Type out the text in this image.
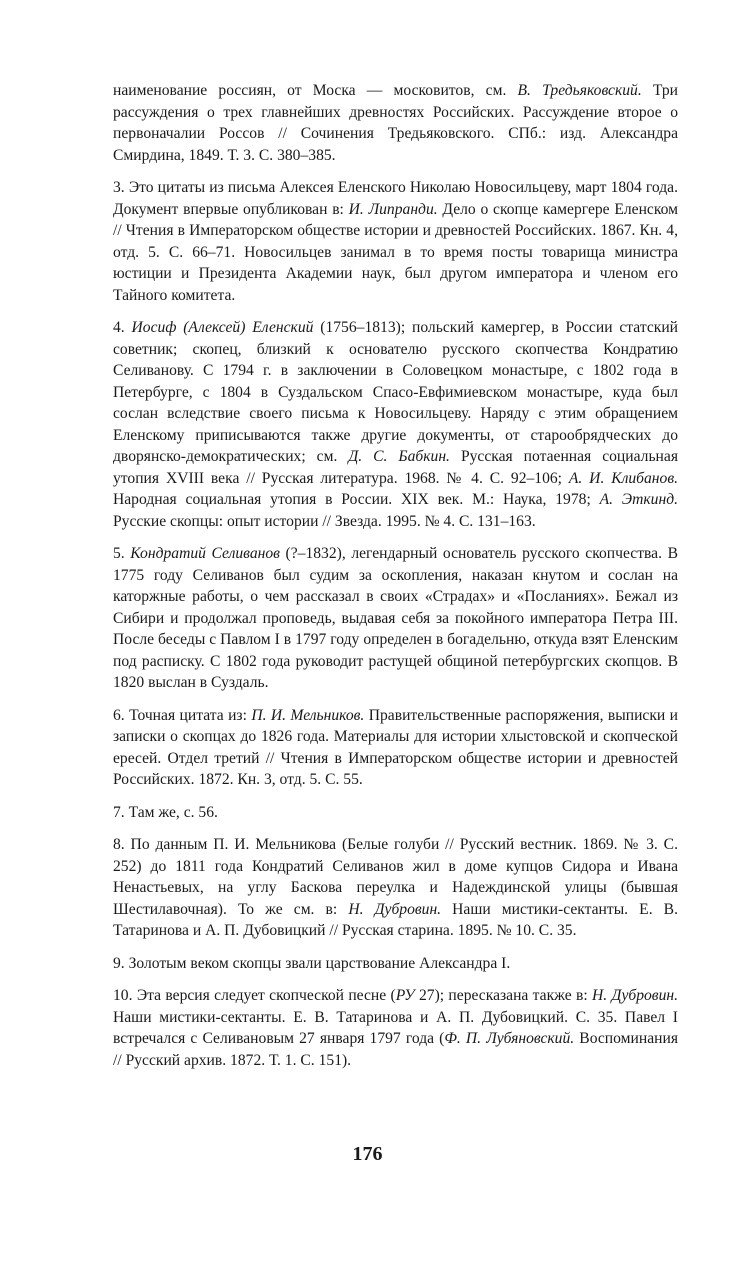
наименование россиян, от Моска — московитов, см. В. Тредьяковский. Три рассуждения о трех главнейших древностях Российских. Рассуждение второе о первоначалии Россов // Сочинения Тредьяковского. СПб.: изд. Александра Смирдина, 1849. Т. 3. С. 380–385.

3. Это цитаты из письма Алексея Еленского Николаю Новосильцеву, март 1804 года. Документ впервые опубликован в: И. Липранди. Дело о скопце камергере Еленском // Чтения в Императорском обществе истории и древностей Российских. 1867. Кн. 4, отд. 5. С. 66–71. Новосильцев занимал в то время посты товарища министра юстиции и Президента Академии наук, был другом императора и членом его Тайного комитета.

4. Иосиф (Алексей) Еленский (1756–1813); польский камергер, в России статский советник; скопец, близкий к основателю русского скопчества Кондратию Селиванову. С 1794 г. в заключении в Соловецком монастыре, с 1802 года в Петербурге, с 1804 в Суздальском Спасо-Евфимиевском монастыре, куда был сослан вследствие своего письма к Новосильцеву. Наряду с этим обращением Еленскому приписываются также другие документы, от старообрядческих до дворянско-демократических; см. Д. С. Бабкин. Русская потаенная социальная утопия XVIII века // Русская литература. 1968. № 4. С. 92–106; А. И. Клибанов. Народная социальная утопия в России. XIX век. М.: Наука, 1978; А. Эткинд. Русские скопцы: опыт истории // Звезда. 1995. № 4. С. 131–163.

5. Кондратий Селиванов (?–1832), легендарный основатель русского скопчества. В 1775 году Селиванов был судим за оскопления, наказан кнутом и сослан на каторжные работы, о чем рассказал в своих «Страдах» и «Посланиях». Бежал из Сибири и продолжал проповедь, выдавая себя за покойного императора Петра III. После беседы с Павлом I в 1797 году определен в богадельню, откуда взят Еленским под расписку. С 1802 года руководит растущей общиной петербургских скопцов. В 1820 выслан в Суздаль.

6. Точная цитата из: П. И. Мельников. Правительственные распоряжения, выписки и записки о скопцах до 1826 года. Материалы для истории хлыстовской и скопческой ересей. Отдел третий // Чтения в Императорском обществе истории и древностей Российских. 1872. Кн. 3, отд. 5. С. 55.

7. Там же, с. 56.

8. По данным П. И. Мельникова (Белые голуби // Русский вестник. 1869. № 3. С. 252) до 1811 года Кондратий Селиванов жил в доме купцов Сидора и Ивана Ненастьевых, на углу Баскова переулка и Надеждинской улицы (бывшая Шестилавочная). То же см. в: Н. Дубровин. Наши мистики-сектанты. Е. В. Татаринова и А. П. Дубовицкий // Русская старина. 1895. № 10. С. 35.

9. Золотым веком скопцы звали царствование Александра I.

10. Эта версия следует скопческой песне (РУ 27); пересказана также в: Н. Дубровин. Наши мистики-сектанты. Е. В. Татаринова и А. П. Дубовицкий. С. 35. Павел I встречался с Селивановым 27 января 1797 года (Ф. П. Лубяновский. Воспоминания // Русский архив. 1872. Т. 1. С. 151).

176
